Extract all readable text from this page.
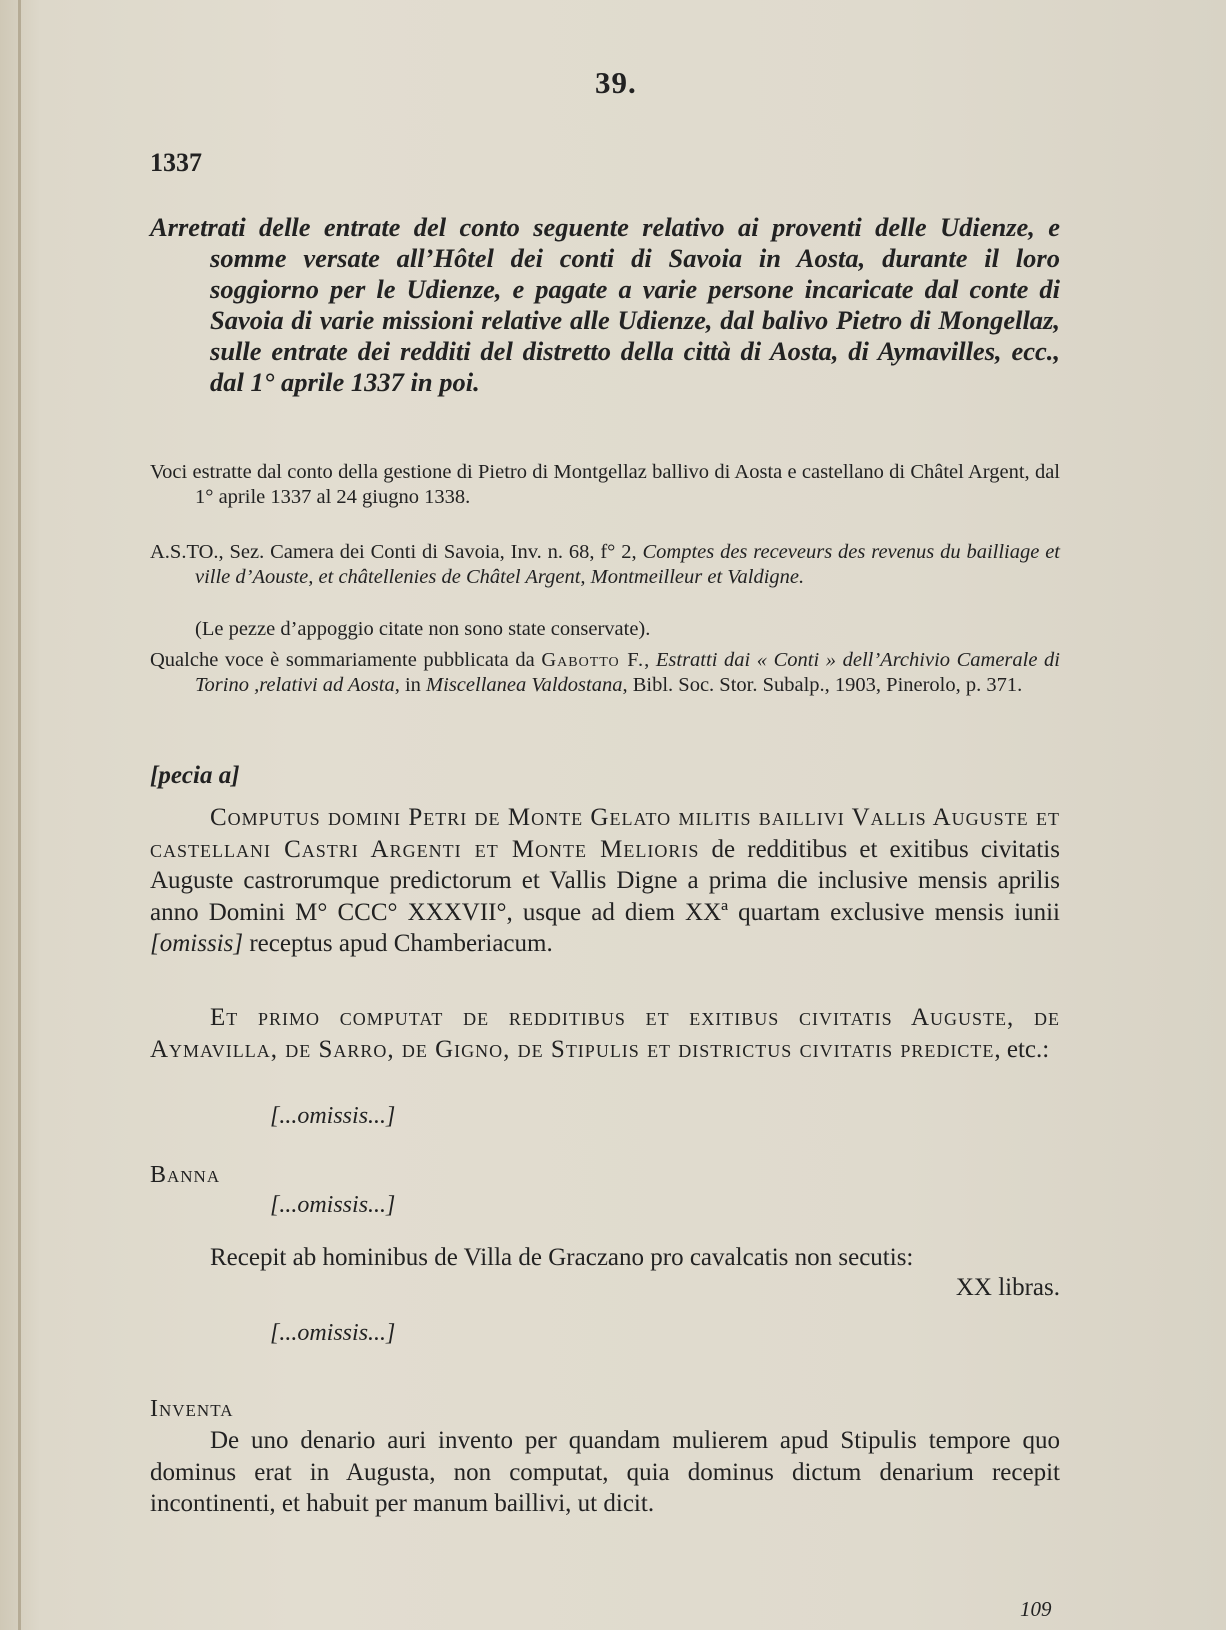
39.
1337
Arretrati delle entrate del conto seguente relativo ai proventi delle Udienze, e somme versate all’Hôtel dei conti di Savoia in Aosta, durante il loro soggiorno per le Udienze, e pagate a varie persone incaricate dal conte di Savoia di varie missioni relative alle Udienze, dal balivo Pietro di Mongellaz, sulle entrate dei redditi del distretto della città di Aosta, di Aymavilles, ecc., dal 1° aprile 1337 in poi.
Voci estratte dal conto della gestione di Pietro di Montgellaz ballivo di Aosta e castellano di Châtel Argent, dal 1° aprile 1337 al 24 giugno 1338.
A.S.TO., Sez. Camera dei Conti di Savoia, Inv. n. 68, f° 2, Comptes des receveurs des revenus du bailliage et ville d’Aouste, et châtellenies de Châtel Argent, Montmeilleur et Valdigne.
(Le pezze d’appoggio citate non sono state conservate).
Qualche voce è sommariamente pubblicata da Gabotto F., Estratti dai « Conti » dell’Archivio Camerale di Torino ,relativi ad Aosta, in Miscellanea Valdostana, Bibl. Soc. Stor. Subalp., 1903, Pinerolo, p. 371.
[pecia a]
Computus domini Petri de Monte Gelato militis baillivi Vallis Auguste et castellani Castri Argenti et Monte Melioris de redditibus et exitibus civitatis Auguste castrorumque predictorum et Vallis Digne a prima die inclusive mensis aprilis anno Domini M° CCC° XXXVII°, usque ad diem XXª quartam exclusive mensis iunii [omissis] receptus apud Chamberiacum.
Et primo computat de redditibus et exitibus civitatis Auguste, de Aymavilla, de Sarro, de Gigno, de Stipulis et districtus civitatis predicte, etc.:
[...omissis...]
Banna
[...omissis...]
Recepit ab hominibus de Villa de Graczano pro cavalcatis non secutis:
XX libras.
[...omissis...]
Inventa
De uno denario auri invento per quandam mulierem apud Stipulis tempore quo dominus erat in Augusta, non computat, quia dominus dictum denarium recepit incontinenti, et habuit per manum baillivi, ut dicit.
109
